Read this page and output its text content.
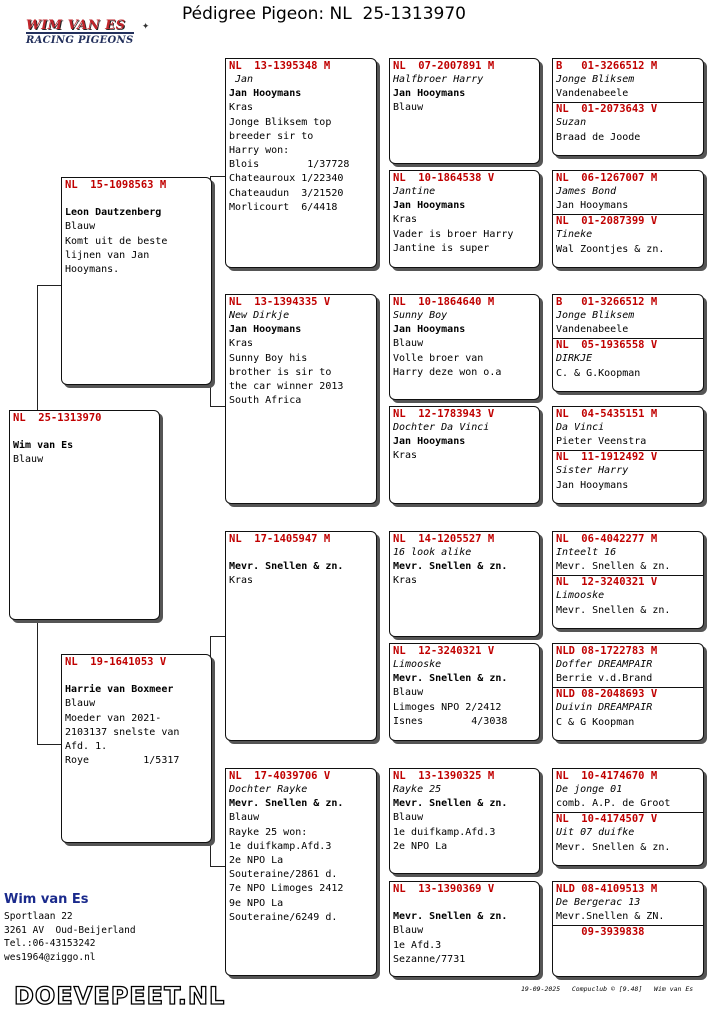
Pédigree Pigeon: NL  25-1313970
WIM VAN ES
RACING PIGEONS
✦
NL  25-1313970

Wim van Es
Blauw
NL  15-1098563 M

Leon Dautzenberg
Blauw
Komt uit de beste
lijnen van Jan
Hooymans.
NL  19-1641053 V

Harrie van Boxmeer
Blauw
Moeder van 2021-
2103137 snelste van
Afd. 1.
Roye         1/5317
NL  13-1395348 M
Jan
Jan Hooymans
Kras
Jonge Bliksem top
breeder sir to
Harry won:
Blois        1/37728
Chateauroux 1/22340
Chateaudun  3/21520
Morlicourt  6/4418
NL  13-1394335 V
New Dirkje
Jan Hooymans
Kras
Sunny Boy his
brother is sir to
the car winner 2013
South Africa
NL  17-1405947 M

Mevr. Snellen & zn.
Kras
NL  17-4039706 V
Dochter Rayke
Mevr. Snellen & zn.
Blauw
Rayke 25 won:
1e duifkamp.Afd.3
2e NPO La
Souteraine/2861 d.
7e NPO Limoges 2412
9e NPO La
Souteraine/6249 d.
NL  07-2007891 M
Halfbroer Harry
Jan Hooymans
Blauw
NL  10-1864538 V
Jantine
Jan Hooymans
Kras
Vader is broer Harry
Jantine is super
NL  10-1864640 M
Sunny Boy
Jan Hooymans
Blauw
Volle broer van
Harry deze won o.a
NL  12-1783943 V
Dochter Da Vinci
Jan Hooymans
Kras
NL  14-1205527 M
16 look alike
Mevr. Snellen & zn.
Kras
NL  12-3240321 V
Limooske
Mevr. Snellen & zn.
Blauw
Limoges NPO 2/2412
Isnes        4/3038
NL  13-1390325 M
Rayke 25
Mevr. Snellen & zn.
Blauw
1e duifkamp.Afd.3
2e NPO La
NL  13-1390369 V

Mevr. Snellen & zn.
Blauw
1e Afd.3
Sezanne/7731
B   01-3266512 M
Jonge Bliksem
Vandenabeele
NL  01-2073643 V
Suzan
Braad de Joode
NL  06-1267007 M
James Bond
Jan Hooymans
NL  01-2087399 V
Tineke
Wal Zoontjes & zn.
B   01-3266512 M
Jonge Bliksem
Vandenabeele
NL  05-1936558 V
DIRKJE
C. & G.Koopman
NL  04-5435151 M
Da Vinci
Pieter Veenstra
NL  11-1912492 V
Sister Harry
Jan Hooymans
NL  06-4042277 M
Inteelt 16
Mevr. Snellen & zn.
NL  12-3240321 V
Limooske
Mevr. Snellen & zn.
NLD 08-1722783 M
Doffer DREAMPAIR
Berrie v.d.Brand
NLD 08-2048693 V
Duivin DREAMPAIR
C & G Koopman
NL  10-4174670 M
De jonge 01
comb. A.P. de Groot
NL  10-4174507 V
Uit 07 duifke
Mevr. Snellen & zn.
NLD 08-4109513 M
De Bergerac 13
Mevr.Snellen & ZN.
09-3939838
Wim van Es
Sportlaan 22
3261 AV  Oud-Beijerland
Tel.:06-43153242
wes1964@ziggo.nl
DOEVEPEET.NL	19-09-2025   Compuclub © [9.48]   Wim van Es
